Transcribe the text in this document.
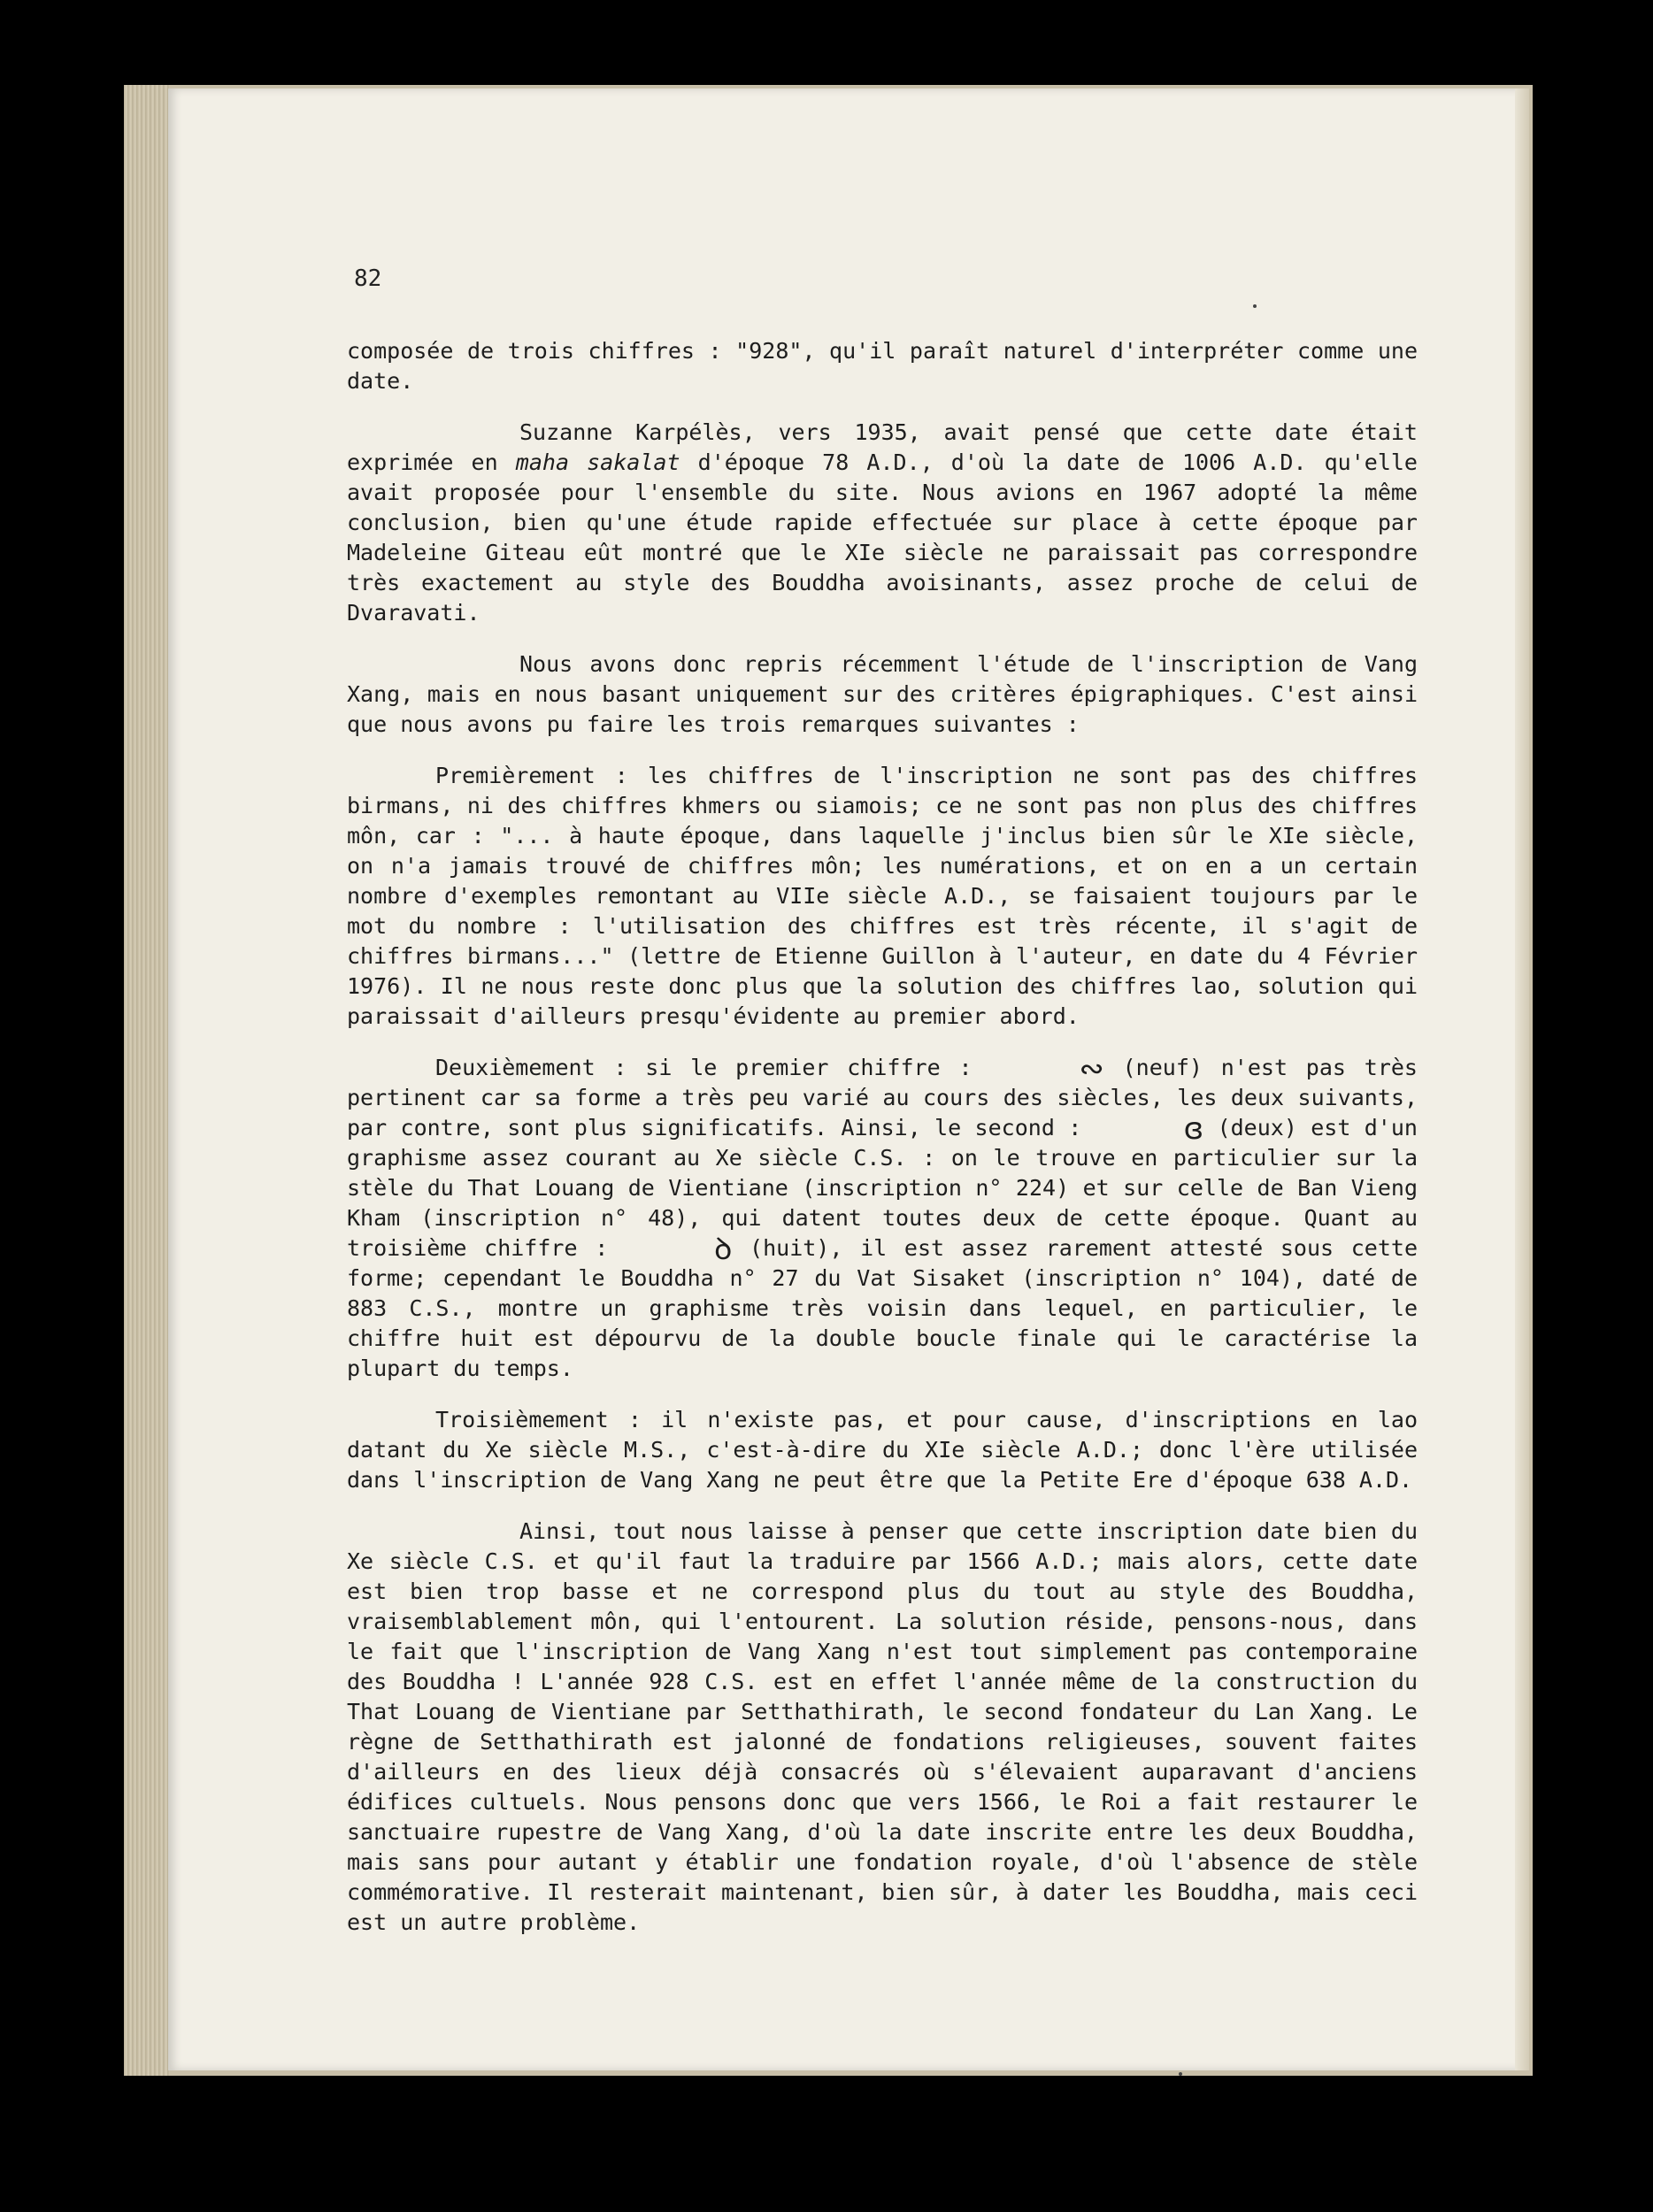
82

composée de trois chiffres : "928", qu'il paraît naturel d'interpréter comme une date.

Suzanne Karpélès, vers 1935, avait pensé que cette date était exprimée en maha sakalat d'époque 78 A.D., d'où la date de 1006 A.D. qu'elle avait proposée pour l'ensemble du site. Nous avions en 1967 adopté la même conclusion, bien qu'une étude rapide effectuée sur place à cette époque par Madeleine Giteau eût montré que le XIe siècle ne paraissait pas correspondre très exactement au style des Bouddha avoisinants, assez proche de celui de Dvaravati.

Nous avons donc repris récemment l'étude de l'inscription de Vang Xang, mais en nous basant uniquement sur des critères épigraphiques. C'est ainsi que nous avons pu faire les trois remarques suivantes :

Premièrement : les chiffres de l'inscription ne sont pas des chiffres birmans, ni des chiffres khmers ou siamois; ce ne sont pas non plus des chiffres môn, car : "... à haute époque, dans laquelle j'inclus bien sûr le XIe siècle, on n'a jamais trouvé de chiffres môn; les numérations, et on en a un certain nombre d'exemples remontant au VIIe siècle A.D., se faisaient toujours par le mot du nombre : l'utilisation des chiffres est très récente, il s'agit de chiffres birmans..." (lettre de Etienne Guillon à l'auteur, en date du 4 Février 1976). Il ne nous reste donc plus que la solution des chiffres lao, solution qui paraissait d'ailleurs presqu'évidente au premier abord.

Deuxièmement : si le premier chiffre :	∾ (neuf) n'est pas très pertinent car sa forme a très peu varié au cours des siècles, les deux suivants, par contre, sont plus significatifs. Ainsi, le second :	ɞ (deux) est d'un graphisme assez courant au Xe siècle C.S. : on le trouve en particulier sur la stèle du That Louang de Vientiane (inscription n° 224) et sur celle de Ban Vieng Kham (inscription n° 48), qui datent toutes deux de cette époque. Quant au troisième chiffre :	ꝺ (huit), il est assez rarement attesté sous cette forme; cependant le Bouddha n° 27 du Vat Sisaket (inscription n° 104), daté de 883 C.S., montre un graphisme très voisin dans lequel, en particulier, le chiffre huit est dépourvu de la double boucle finale qui le caractérise la plupart du temps.

Troisièmement : il n'existe pas, et pour cause, d'inscriptions en lao datant du Xe siècle M.S., c'est-à-dire du XIe siècle A.D.; donc l'ère utilisée dans l'inscription de Vang Xang ne peut être que la Petite Ere d'époque 638 A.D.

Ainsi, tout nous laisse à penser que cette inscription date bien du Xe siècle C.S. et qu'il faut la traduire par 1566 A.D.; mais alors, cette date est bien trop basse et ne correspond plus du tout au style des Bouddha, vraisemblablement môn, qui l'entourent. La solution réside, pensons-nous, dans le fait que l'inscription de Vang Xang n'est tout simplement pas contemporaine des Bouddha ! L'année 928 C.S. est en effet l'année même de la construction du That Louang de Vientiane par Setthathirath, le second fondateur du Lan Xang. Le règne de Setthathirath est jalonné de fondations religieuses, souvent faites d'ailleurs en des lieux déjà consacrés où s'élevaient auparavant d'anciens édifices cultuels. Nous pensons donc que vers 1566, le Roi a fait restaurer le sanctuaire rupestre de Vang Xang, d'où la date inscrite entre les deux Bouddha, mais sans pour autant y établir une fondation royale, d'où l'absence de stèle commémorative. Il resterait maintenant, bien sûr, à dater les Bouddha, mais ceci est un autre problème.
